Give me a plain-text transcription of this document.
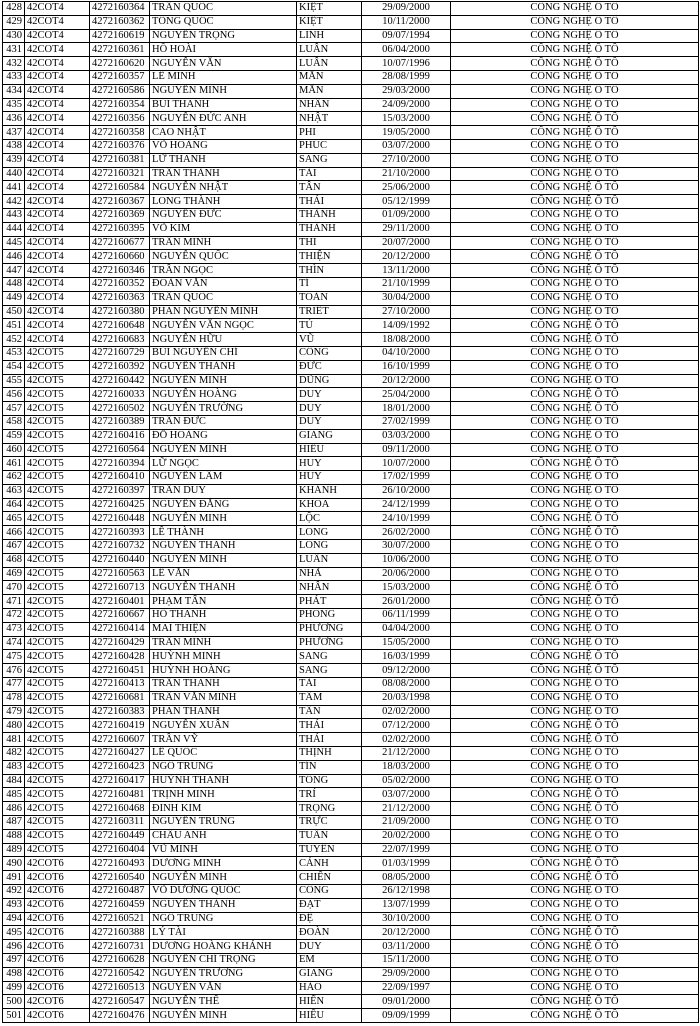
428	42COT4	4272160364	TRẦN QUỐC	KIỆT	29/09/2000	CÔNG NGHỆ Ô TÔ
429	42COT4	4272160362	TÔNG QUỐC	KIỆT	10/11/2000	CÔNG NGHỆ Ô TÔ
430	42COT4	4272160619	NGUYỄN TRỌNG	LINH	09/07/1994	CÔNG NGHỆ Ô TÔ
431	42COT4	4272160361	HỒ HOÀI	LUÂN	06/04/2000	CÔNG NGHỆ Ô TÔ
432	42COT4	4272160620	NGUYỄN VĂN	LUÂN	10/07/1996	CÔNG NGHỆ Ô TÔ
433	42COT4	4272160357	LÊ MINH	MẪN	28/08/1999	CÔNG NGHỆ Ô TÔ
434	42COT4	4272160586	NGUYỄN MINH	MẪN	29/03/2000	CÔNG NGHỆ Ô TÔ
435	42COT4	4272160354	BÙI THANH	NHÂN	24/09/2000	CÔNG NGHỆ Ô TÔ
436	42COT4	4272160356	NGUYỄN ĐỨC ANH	NHẬT	15/03/2000	CÔNG NGHỆ Ô TÔ
437	42COT4	4272160358	CAO NHẬT	PHI	19/05/2000	CÔNG NGHỆ Ô TÔ
438	42COT4	4272160376	VÕ HOÀNG	PHÚC	03/07/2000	CÔNG NGHỆ Ô TÔ
439	42COT4	4272160381	LỮ THANH	SANG	27/10/2000	CÔNG NGHỆ Ô TÔ
440	42COT4	4272160321	TRẦN THÀNH	TÀI	21/10/2000	CÔNG NGHỆ Ô TÔ
441	42COT4	4272160584	NGUYỄN NHẬT	TÂN	25/06/2000	CÔNG NGHỆ Ô TÔ
442	42COT4	4272160367	LONG THÀNH	THÁI	05/12/1999	CÔNG NGHỆ Ô TÔ
443	42COT4	4272160369	NGUYỄN ĐỨC	THÀNH	01/09/2000	CÔNG NGHỆ Ô TÔ
444	42COT4	4272160395	VÕ KIM	THÀNH	29/11/2000	CÔNG NGHỆ Ô TÔ
445	42COT4	4272160677	TRẦN MINH	THI	20/07/2000	CÔNG NGHỆ Ô TÔ
446	42COT4	4272160660	NGUYỄN QUỐC	THIỆN	20/12/2000	CÔNG NGHỆ Ô TÔ
447	42COT4	4272160346	TRẦN NGỌC	THÌN	13/11/2000	CÔNG NGHỆ Ô TÔ
448	42COT4	4272160352	ĐOÀN VĂN	TÍ	21/10/1999	CÔNG NGHỆ Ô TÔ
449	42COT4	4272160363	TRẦN QUỐC	TOÀN	30/04/2000	CÔNG NGHỆ Ô TÔ
450	42COT4	4272160380	PHAN NGUYỄN MINH	TRIẾT	27/10/2000	CÔNG NGHỆ Ô TÔ
451	42COT4	4272160648	NGUYỄN VĂN NGỌC	TÚ	14/09/1992	CÔNG NGHỆ Ô TÔ
452	42COT4	4272160683	NGUYỄN HỮU	VŨ	18/08/2000	CÔNG NGHỆ Ô TÔ
453	42COT5	4272160729	BÙI NGUYỄN CHÍ	CÔNG	04/10/2000	CÔNG NGHỆ Ô TÔ
454	42COT5	4272160392	NGUYỄN THÀNH	ĐỨC	16/10/1999	CÔNG NGHỆ Ô TÔ
455	42COT5	4272160442	NGUYỄN MINH	DŨNG	20/12/2000	CÔNG NGHỆ Ô TÔ
456	42COT5	4272160033	NGUYỄN HOÀNG	DUY	25/04/2000	CÔNG NGHỆ Ô TÔ
457	42COT5	4272160502	NGUYỄN TRƯỜNG	DUY	18/01/2000	CÔNG NGHỆ Ô TÔ
458	42COT5	4272160389	TRẦN ĐỨC	DUY	27/02/1999	CÔNG NGHỆ Ô TÔ
459	42COT5	4272160416	ĐỖ HOÀNG	GIANG	03/03/2000	CÔNG NGHỆ Ô TÔ
460	42COT5	4272160564	NGUYỄN MINH	HIẾU	09/11/2000	CÔNG NGHỆ Ô TÔ
461	42COT5	4272160394	LỮ NGỌC	HUY	10/07/2000	CÔNG NGHỆ Ô TÔ
462	42COT5	4272160410	NGUYỄN LÂM	HUY	17/02/1999	CÔNG NGHỆ Ô TÔ
463	42COT5	4272160397	TRẦN DUY	KHÁNH	26/10/2000	CÔNG NGHỆ Ô TÔ
464	42COT5	4272160425	NGUYỄN ĐĂNG	KHOA	24/12/1999	CÔNG NGHỆ Ô TÔ
465	42COT5	4272160448	NGUYỄN MINH	LỘC	24/10/1999	CÔNG NGHỆ Ô TÔ
466	42COT5	4272160393	LÊ THÀNH	LONG	26/02/2000	CÔNG NGHỆ Ô TÔ
467	42COT5	4272160732	NGUYỄN THANH	LONG	30/07/2000	CÔNG NGHỆ Ô TÔ
468	42COT5	4272160440	NGUYỄN MINH	LUÂN	10/06/2000	CÔNG NGHỆ Ô TÔ
469	42COT5	4272160563	LÊ VĂN	NHÃ	20/06/2000	CÔNG NGHỆ Ô TÔ
470	42COT5	4272160713	NGUYỄN THANH	NHÂN	15/03/2000	CÔNG NGHỆ Ô TÔ
471	42COT5	4272160401	PHẠM TẤN	PHÁT	26/01/2000	CÔNG NGHỆ Ô TÔ
472	42COT5	4272160667	HỒ THANH	PHONG	06/11/1999	CÔNG NGHỆ Ô TÔ
473	42COT5	4272160414	MAI THIỆN	PHƯƠNG	04/04/2000	CÔNG NGHỆ Ô TÔ
474	42COT5	4272160429	TRẦN MINH	PHƯƠNG	15/05/2000	CÔNG NGHỆ Ô TÔ
475	42COT5	4272160428	HUỲNH MINH	SANG	16/03/1999	CÔNG NGHỆ Ô TÔ
476	42COT5	4272160451	HUỲNH HOÀNG	SANG	09/12/2000	CÔNG NGHỆ Ô TÔ
477	42COT5	4272160413	TRẦN THANH	TÀI	08/08/2000	CÔNG NGHỆ Ô TÔ
478	42COT5	4272160681	TRẦN VĂN MINH	TÂM	20/03/1998	CÔNG NGHỆ Ô TÔ
479	42COT5	4272160383	PHAN THANH	TÂN	02/02/2000	CÔNG NGHỆ Ô TÔ
480	42COT5	4272160419	NGUYỄN XUÂN	THÁI	07/12/2000	CÔNG NGHỆ Ô TÔ
481	42COT5	4272160607	TRẦN VỸ	THÁI	02/02/2000	CÔNG NGHỆ Ô TÔ
482	42COT5	4272160427	LÊ QUỐC	THỊNH	21/12/2000	CÔNG NGHỆ Ô TÔ
483	42COT5	4272160423	NGÔ TRUNG	TÍN	18/03/2000	CÔNG NGHỆ Ô TÔ
484	42COT5	4272160417	HUỲNH THANH	TÔNG	05/02/2000	CÔNG NGHỆ Ô TÔ
485	42COT5	4272160481	TRỊNH MINH	TRÍ	03/07/2000	CÔNG NGHỆ Ô TÔ
486	42COT5	4272160468	ĐINH KIM	TRỌNG	21/12/2000	CÔNG NGHỆ Ô TÔ
487	42COT5	4272160311	NGUYỄN TRUNG	TRỰC	21/09/2000	CÔNG NGHỆ Ô TÔ
488	42COT5	4272160449	CHÂU ANH	TUẤN	20/02/2000	CÔNG NGHỆ Ô TÔ
489	42COT5	4272160404	VŨ MINH	TUYÊN	22/07/1999	CÔNG NGHỆ Ô TÔ
490	42COT6	4272160493	DƯƠNG MINH	CẢNH	01/03/1999	CÔNG NGHỆ Ô TÔ
491	42COT6	4272160540	NGUYỄN MINH	CHIẾN	08/05/2000	CÔNG NGHỆ Ô TÔ
492	42COT6	4272160487	VÕ DƯƠNG QUỐC	CÔNG	26/12/1998	CÔNG NGHỆ Ô TÔ
493	42COT6	4272160459	NGUYỄN THÀNH	ĐẠT	13/07/1999	CÔNG NGHỆ Ô TÔ
494	42COT6	4272160521	NGÔ TRUNG	ĐỆ	30/10/2000	CÔNG NGHỆ Ô TÔ
495	42COT6	4272160388	LÝ TÀI	ĐOÀN	20/12/2000	CÔNG NGHỆ Ô TÔ
496	42COT6	4272160731	DƯƠNG HOÀNG KHÁNH	DUY	03/11/2000	CÔNG NGHỆ Ô TÔ
497	42COT6	4272160628	NGUYỄN CHÍ TRỌNG	EM	15/11/2000	CÔNG NGHỆ Ô TÔ
498	42COT6	4272160542	NGUYỄN TRƯỜNG	GIANG	29/09/2000	CÔNG NGHỆ Ô TÔ
499	42COT6	4272160513	NGUYỄN VĂN	HÀO	22/09/1997	CÔNG NGHỆ Ô TÔ
500	42COT6	4272160547	NGUYỄN THẾ	HIỂN	09/01/2000	CÔNG NGHỆ Ô TÔ
501	42COT6	4272160476	NGUYỄN MINH	HIẾU	09/09/1999	CÔNG NGHỆ Ô TÔ
